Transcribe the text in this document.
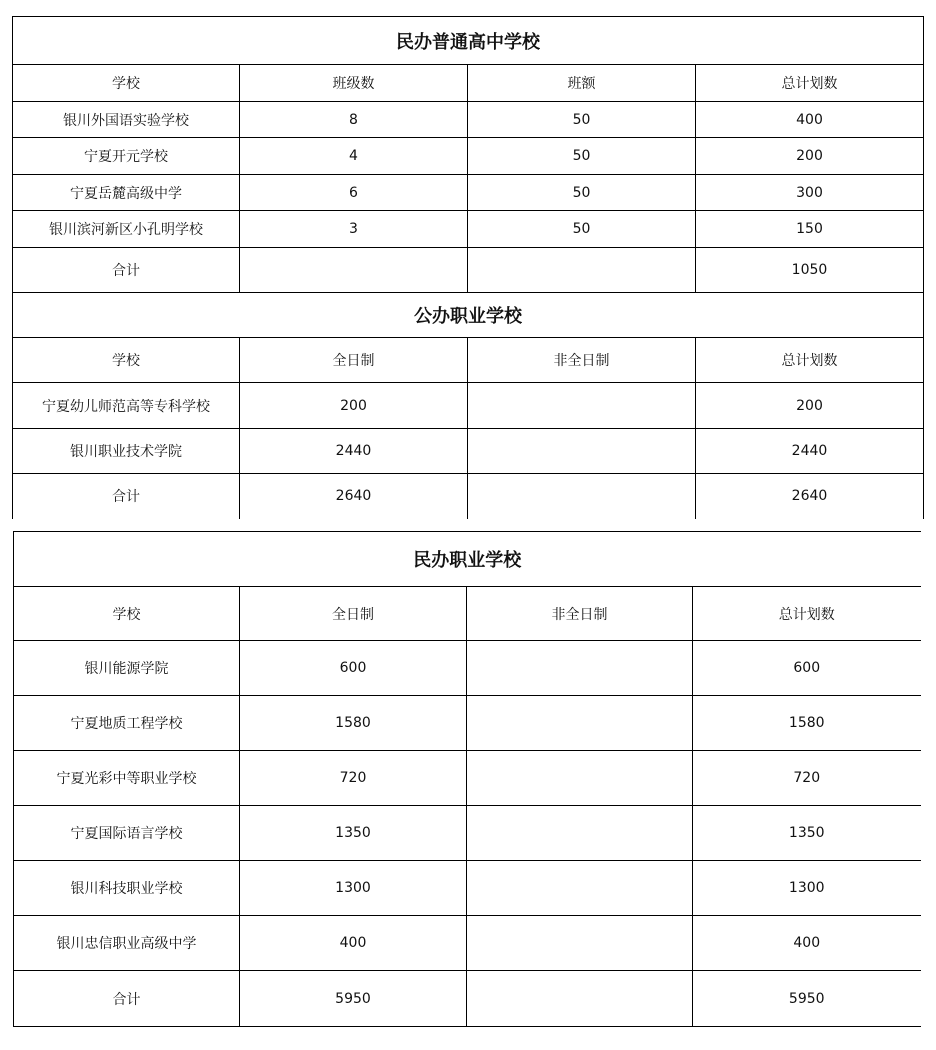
民办普通高中学校			
学校	班级数	班额	总计划数
银川外国语实验学校	8	50	400
宁夏开元学校	4	50	200
宁夏岳麓高级中学	6	50	300
银川滨河新区小孔明学校	3	50	150
合计			1050
公办职业学校			
学校	全日制	非全日制	总计划数
宁夏幼儿师范高等专科学校	200		200
银川职业技术学院	2440		2440
合计	2640		2640
民办职业学校			
学校	全日制	非全日制	总计划数
银川能源学院	600		600
宁夏地质工程学校	1580		1580
宁夏光彩中等职业学校	720		720
宁夏国际语言学校	1350		1350
银川科技职业学校	1300		1300
银川忠信职业高级中学	400		400
合计	5950		5950
